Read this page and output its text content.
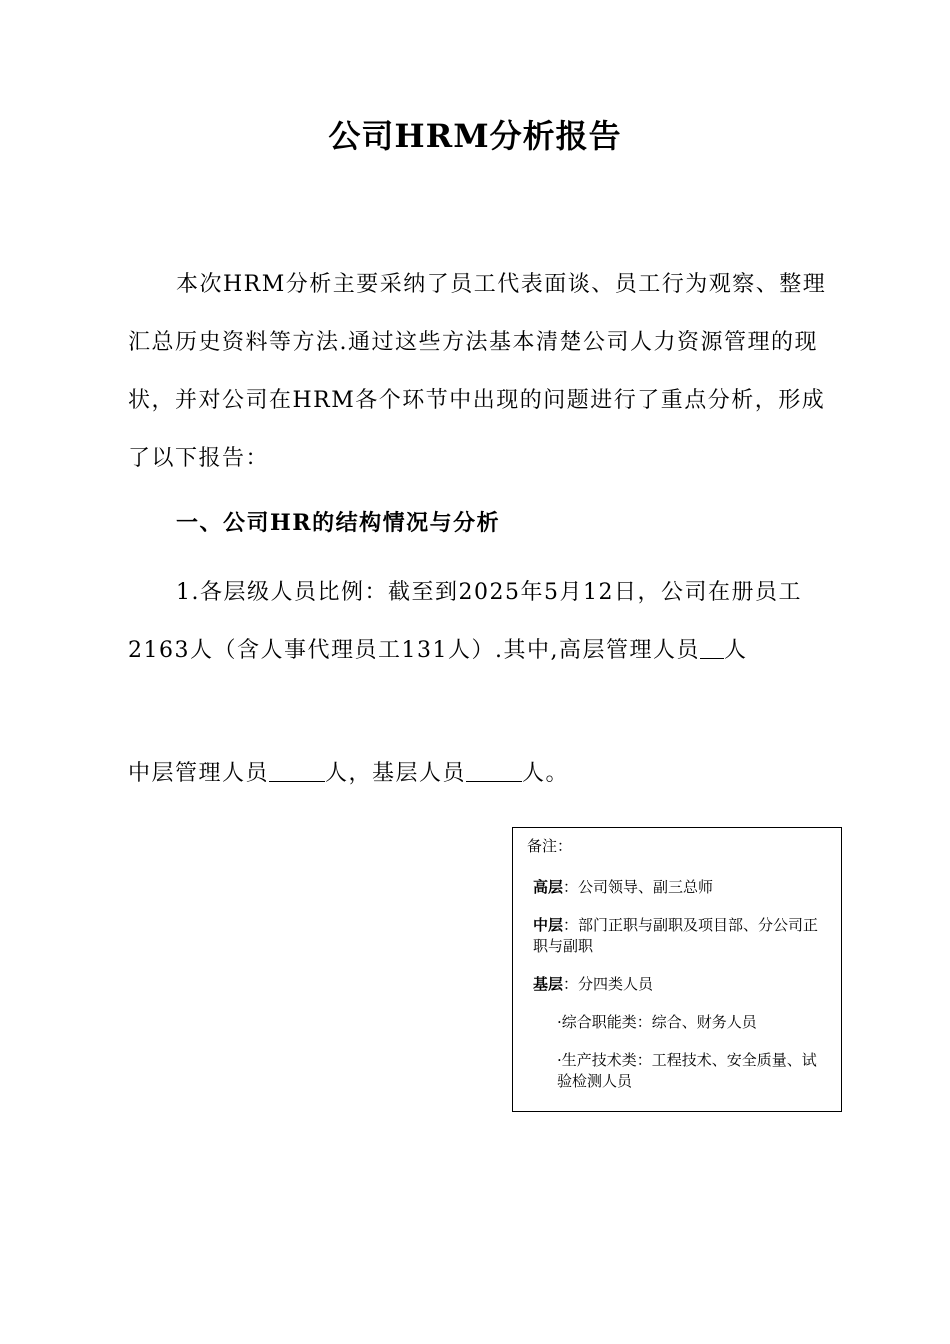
公司HRM分析报告

本次HRM分析主要采纳了员工代表面谈、员工行为观察、整理汇总历史资料等方法.通过这些方法基本清楚公司人力资源管理的现状，并对公司在HRM各个环节中出现的问题进行了重点分析，形成了以下报告：

一、公司HR的结构情况与分析

1.各层级人员比例：截至到2025年5月12日，公司在册员工2163人（含人事代理员工131人）.其中,高层管理人员 人

中层管理人员	人，基层人员	人。

备注：

高层：公司领导、副三总师

中层：部门正职与副职及项目部、分公司正职与副职

基层：分四类人员

·综合职能类：综合、财务人员

·生产技术类：工程技术、安全质量、试验检测人员
